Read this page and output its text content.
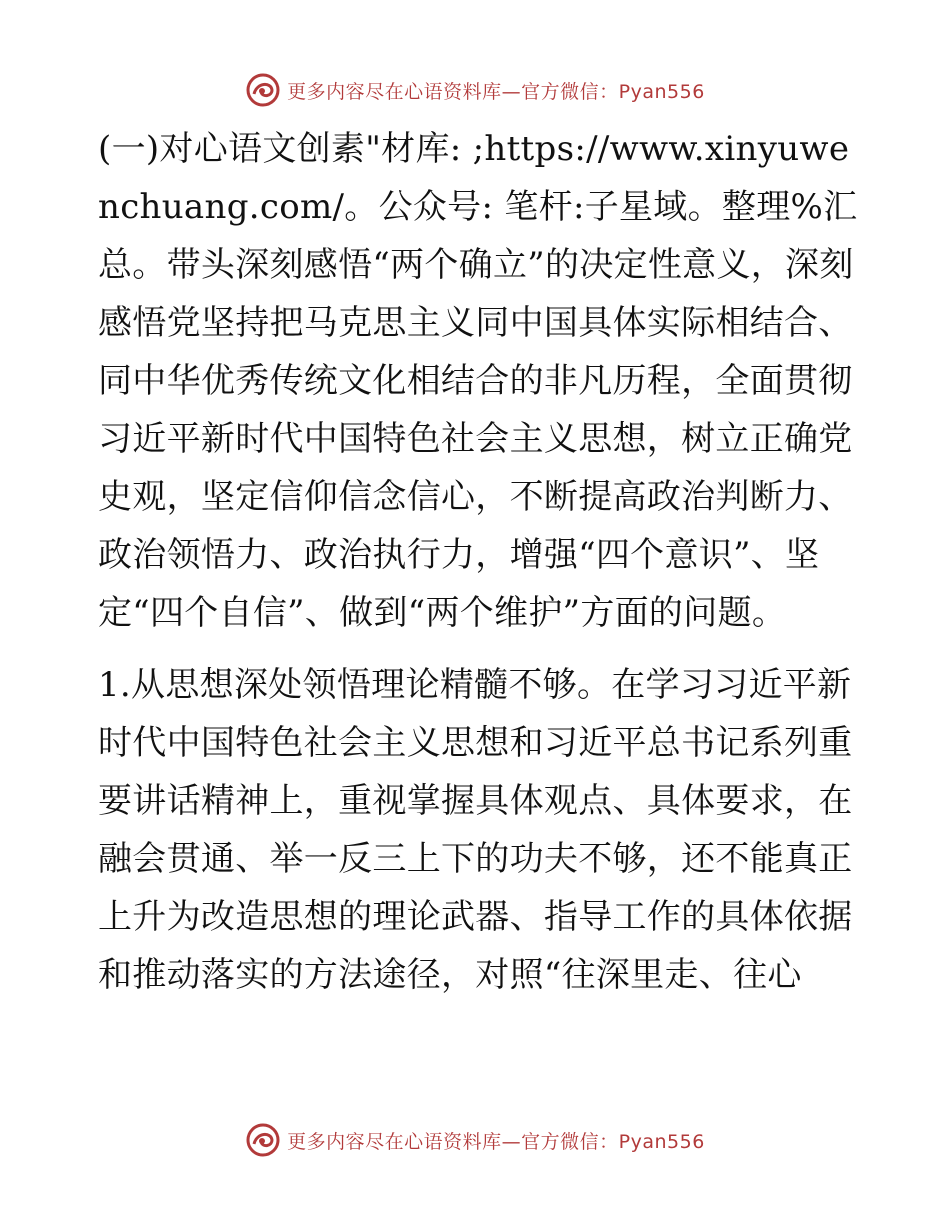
更多内容尽在心语资料库—官方微信：Pyan556

(一)对心语文创素"材库: ;https://www.xinyuwenchuang.com/。公众号: 笔杆:子星域。整理%汇总。带头深刻感悟“两个确立”的决定性意义，深刻感悟党坚持把马克思主义同中国具体实际相结合、同中华优秀传统文化相结合的非凡历程，全面贯彻习近平新时代中国特色社会主义思想，树立正确党史观，坚定信仰信念信心，不断提高政治判断力、政治领悟力、政治执行力，增强“四个意识”、坚定“四个自信”、做到“两个维护”方面的问题。

1.从思想深处领悟理论精髓不够。在学习习近平新时代中国特色社会主义思想和习近平总书记系列重要讲话精神上，重视掌握具体观点、具体要求，在融会贯通、举一反三上下的功夫不够，还不能真正上升为改造思想的理论武器、指导工作的具体依据和推动落实的方法途径，对照“往深里走、往心

更多内容尽在心语资料库—官方微信：Pyan556
